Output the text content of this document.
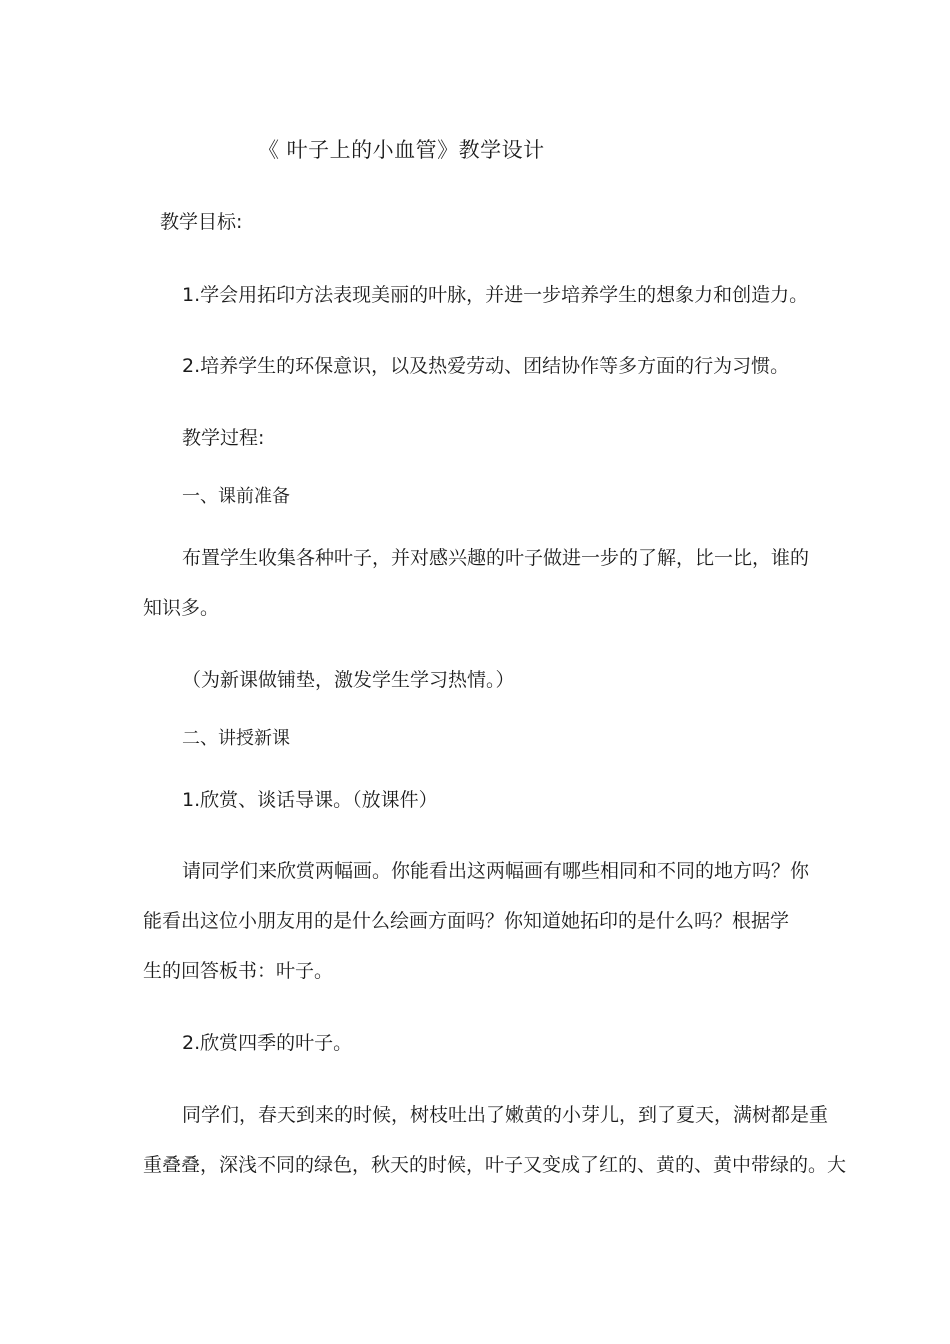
《 叶子上的小血管》教学设计
教学目标:
1.学会用拓印方法表现美丽的叶脉，并进一步培养学生的想象力和创造力。
2.培养学生的环保意识，以及热爱劳动、团结协作等多方面的行为习惯。
教学过程:
一、课前准备
布置学生收集各种叶子，并对感兴趣的叶子做进一步的了解，比一比，谁的
知识多。
（为新课做铺垫，激发学生学习热情。）
二、讲授新课
1.欣赏、谈话导课。（放课件）
请同学们来欣赏两幅画。你能看出这两幅画有哪些相同和不同的地方吗？你
能看出这位小朋友用的是什么绘画方面吗？你知道她拓印的是什么吗？根据学
生的回答板书：叶子。
2.欣赏四季的叶子。
同学们，春天到来的时候，树枝吐出了嫩黄的小芽儿，到了夏天，满树都是重
重叠叠，深浅不同的绿色，秋天的时候，叶子又变成了红的、黄的、黄中带绿的。大
